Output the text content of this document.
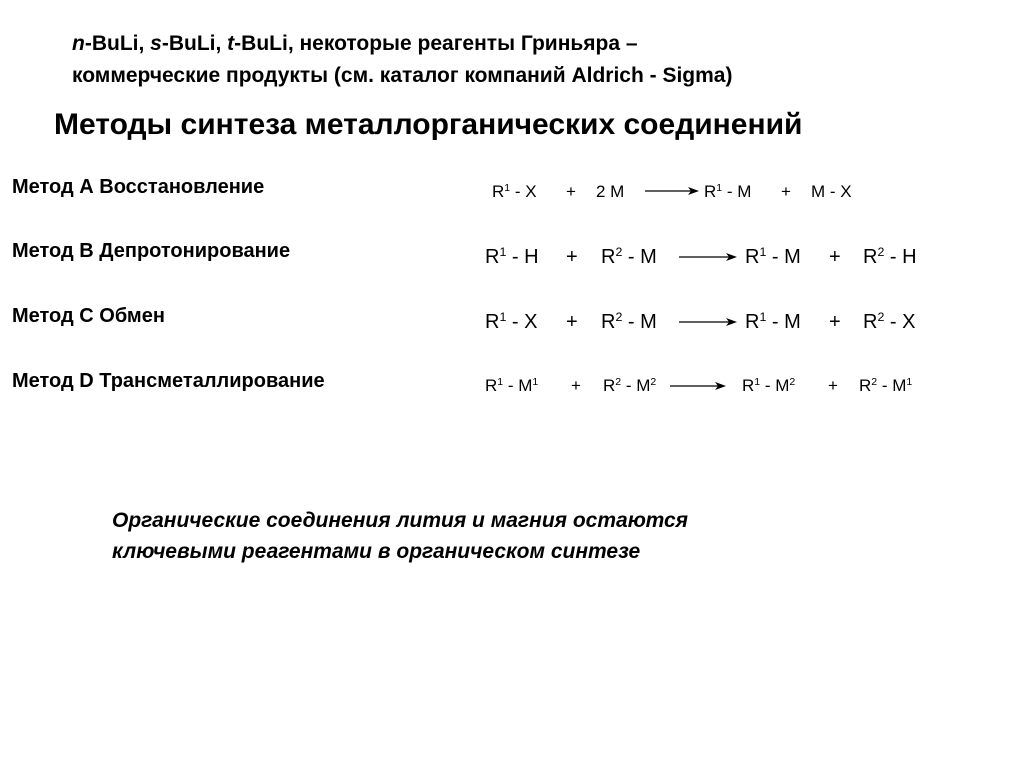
n-BuLi, s-BuLi, t-BuLi, некоторые реагенты Гриньяра –
коммерческие продукты (см. каталог компаний Aldrich - Sigma)
Методы синтеза металлорганических соединений
Метод А Восстановление	$R^1 - X + 2$ M	$R^1 - M + M - X$
Метод B Депротонирование	$R^1 - H + R^2 - M$	$R^1 - M + R^2 - H$
Метод C Обмен	$R^1 - X + R^2 - M$	$R^1 - M + R^2 - X$
Метод D Трансметаллирование	$R^1 - M^1 + R^2 - M^2$	$R^1 - M^2 + R^2 - M^1$
Органические соединения лития и магния остаются
ключевыми реагентами в органическом синтезе
